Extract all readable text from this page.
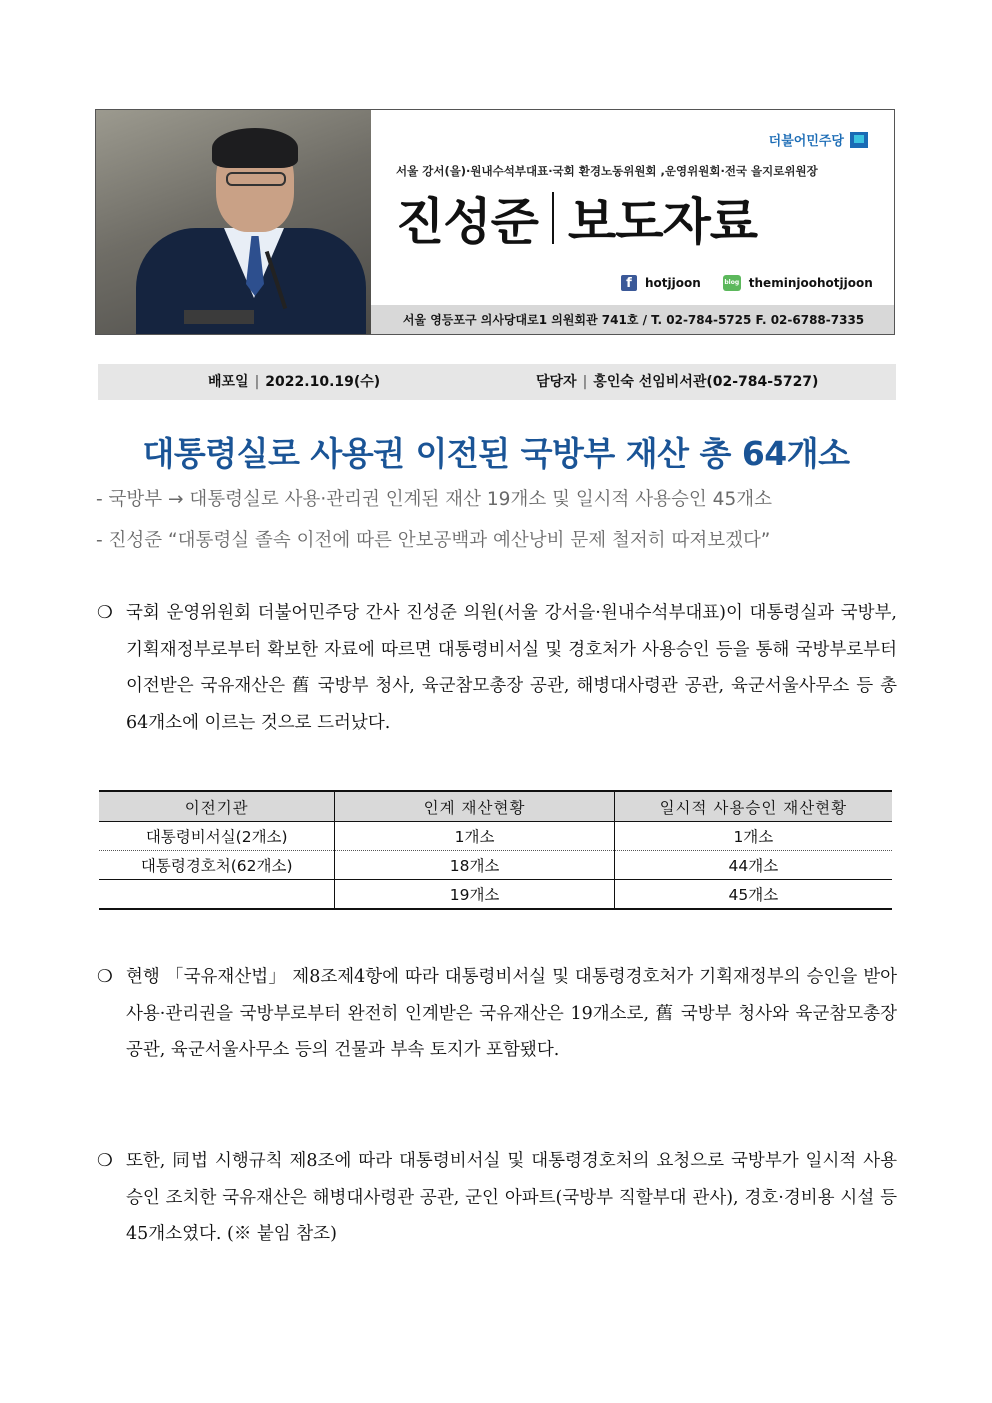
더불어민주당
서울 강서(을)·원내수석부대표·국회 환경노동위원회 ,운영위원회·전국 을지로위원장
진성준 보도자료
f	hotjjoon	blog theminjoohotjjoon
서울 영등포구 의사당대로1 의원회관 741호 / T. 02-784-5725 F. 02-6788-7335
배포일 | 2022.10.19(수)	담당자 | 홍인숙 선임비서관(02-784-5727)
대통령실로 사용권 이전된 국방부 재산 총 64개소
- 국방부 → 대통령실로 사용·관리권 인계된 재산 19개소 및 일시적 사용승인 45개소
- 진성준 “대통령실 졸속 이전에 따른 안보공백과 예산낭비 문제 철저히 따져보겠다”
❍ 국회 운영위원회 더불어민주당 간사 진성준 의원(서울 강서을·원내수석부대표)이 대통령실과 국방부, 기획재정부로부터 확보한 자료에 따르면 대통령비서실 및 경호처가 사용승인 등을 통해 국방부로부터 이전받은 국유재산은 舊 국방부 청사, 육군참모총장 공관, 해병대사령관 공관, 육군서울사무소 등 총 64개소에 이르는 것으로 드러났다.
이전기관	인계 재산현황	일시적 사용승인 재산현황
대통령비서실(2개소)	1개소	1개소
대통령경호처(62개소)	18개소	44개소
	19개소	45개소
❍ 현행 「국유재산법」 제8조제4항에 따라 대통령비서실 및 대통령경호처가 기획재정부의 승인을 받아 사용·관리권을 국방부로부터 완전히 인계받은 국유재산은 19개소로, 舊 국방부 청사와 육군참모총장 공관, 육군서울사무소 등의 건물과 부속 토지가 포함됐다.
❍ 또한, 同법 시행규칙 제8조에 따라 대통령비서실 및 대통령경호처의 요청으로 국방부가 일시적 사용승인 조치한 국유재산은 해병대사령관 공관, 군인 아파트(국방부 직할부대 관사), 경호·경비용 시설 등 45개소였다. (※ 붙임 참조)
